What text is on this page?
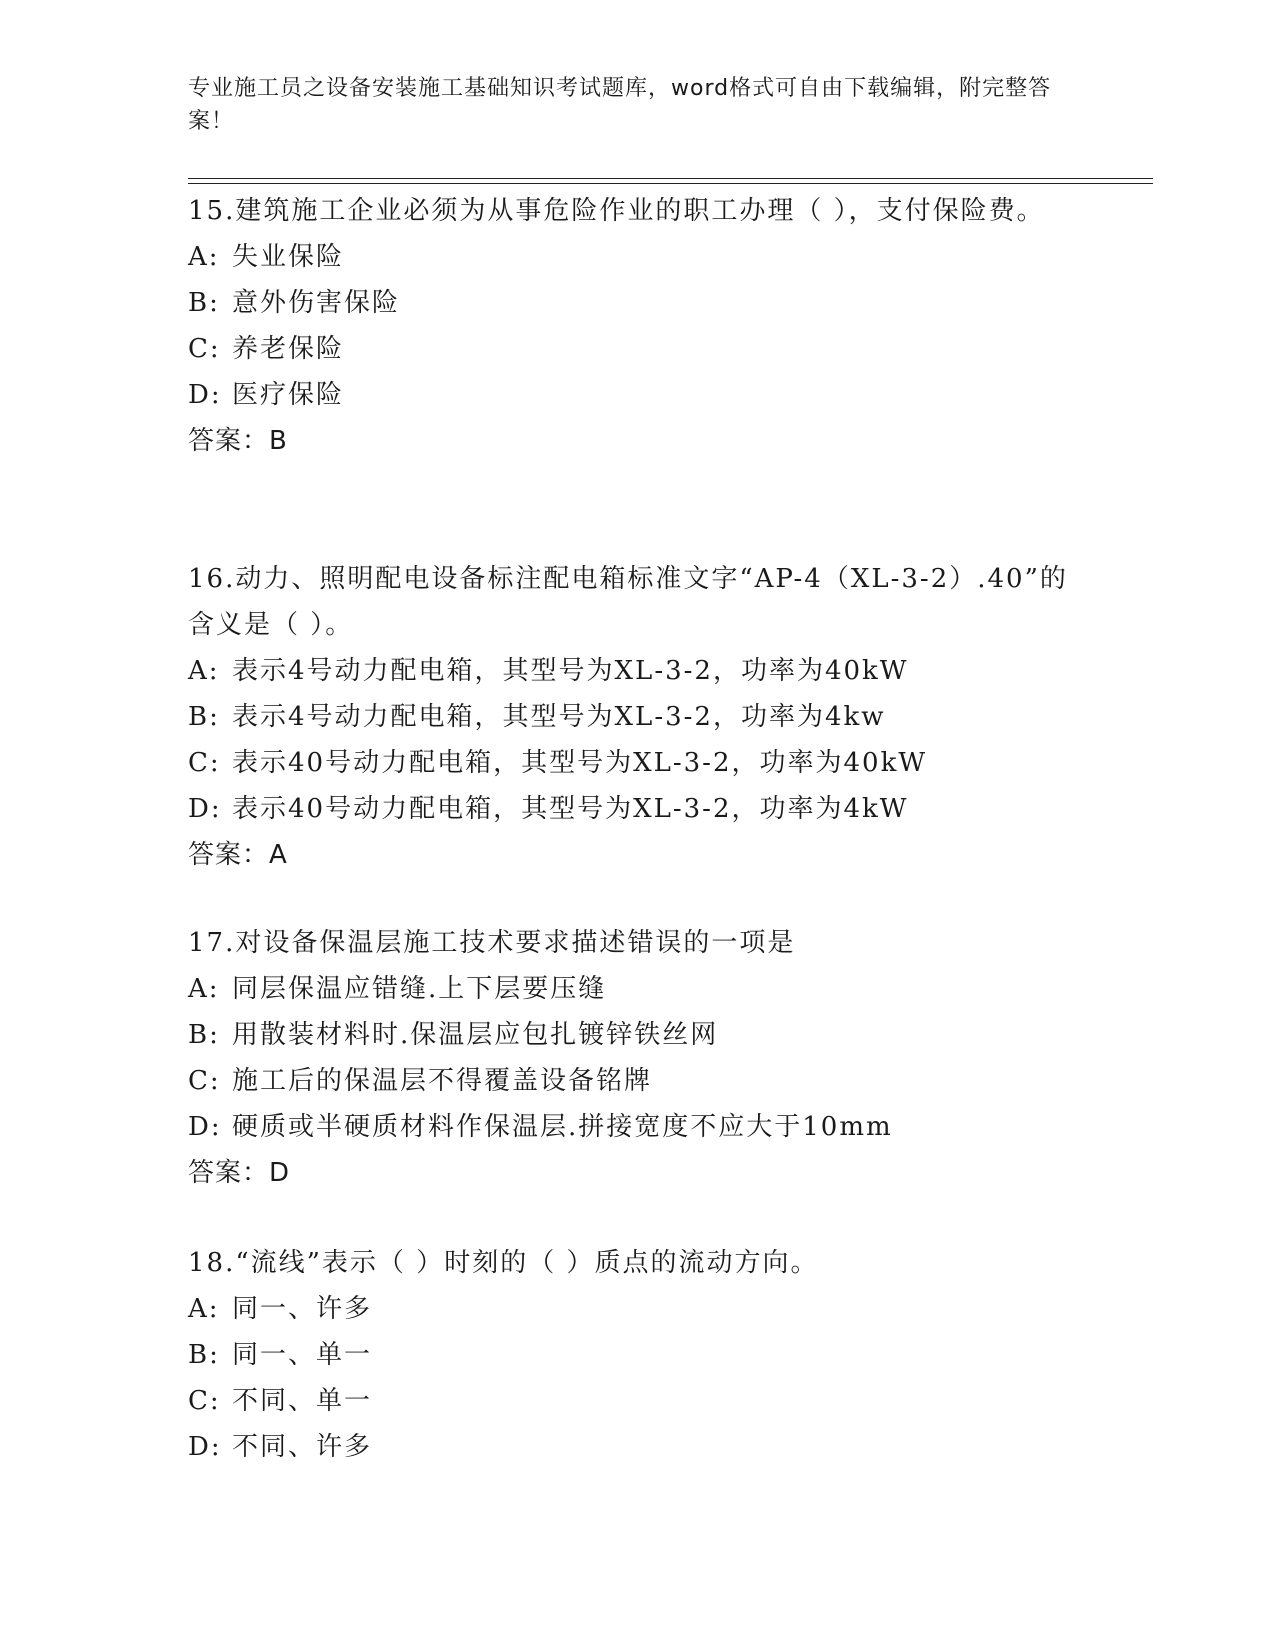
专业施工员之设备安装施工基础知识考试题库，word格式可自由下载编辑，附完整答案！

15.建筑施工企业必须为从事危险作业的职工办理（ ），支付保险费。

A: 失业保险
B: 意外伤害保险
C: 养老保险
D: 医疗保险
答案：B

16.动力、照明配电设备标注配电箱标准文字“AP-4（XL-3-2）.40”的含义是（ ）。

A: 表示4号动力配电箱，其型号为XL-3-2，功率为40kW
B: 表示4号动力配电箱，其型号为XL-3-2，功率为4kw
C: 表示40号动力配电箱，其型号为XL-3-2，功率为40kW
D: 表示40号动力配电箱，其型号为XL-3-2，功率为4kW
答案：A

17.对设备保温层施工技术要求描述错误的一项是

A: 同层保温应错缝.上下层要压缝
B: 用散装材料时.保温层应包扎镀锌铁丝网
C: 施工后的保温层不得覆盖设备铭牌
D: 硬质或半硬质材料作保温层.拼接宽度不应大于10mm
答案：D

18.“流线”表示（ ）时刻的（ ）质点的流动方向。

A: 同一、许多
B: 同一、单一
C: 不同、单一
D: 不同、许多
